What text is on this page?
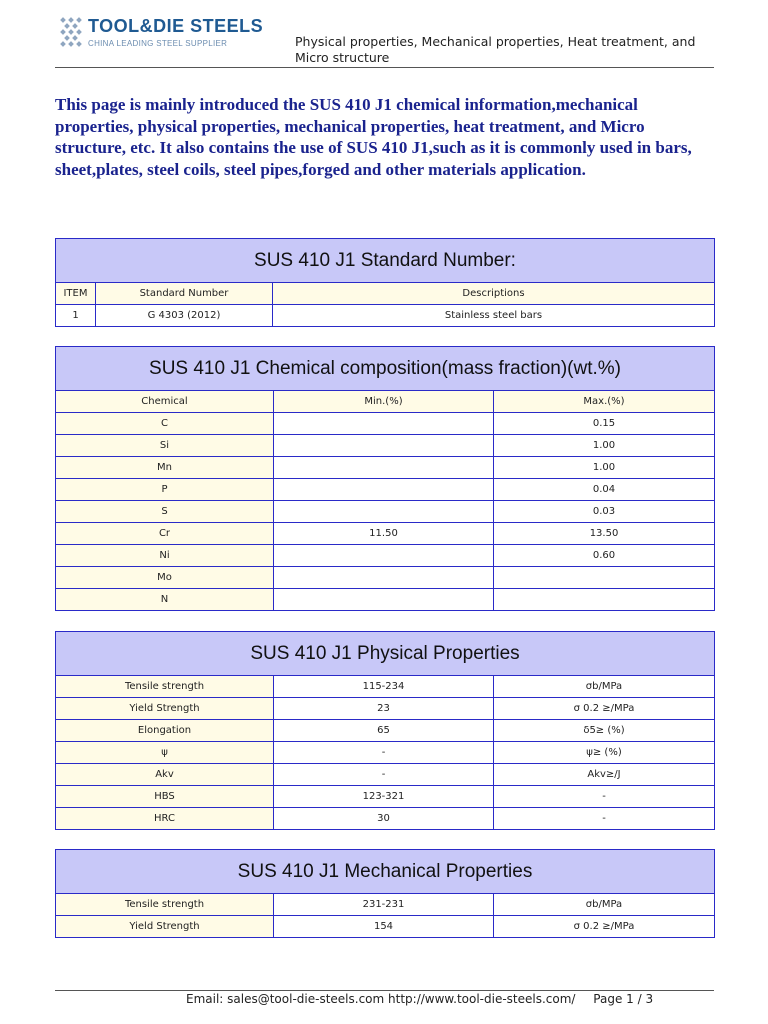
TOOL&DIE STEELS
CHINA LEADING STEEL SUPPLIER	Physical properties, Mechanical properties, Heat treatment, and Micro structure
This page is mainly introduced the SUS 410 J1 chemical information,mechanical properties, physical properties, mechanical properties, heat treatment, and Micro structure, etc. It also contains the use of SUS 410 J1,such as it is commonly used in bars, sheet,plates, steel coils, steel pipes,forged and other materials application.
SUS 410 J1 Standard Number:		
ITEM	Standard Number	Descriptions
1	G 4303 (2012)	Stainless steel bars
SUS 410 J1 Chemical composition(mass fraction)(wt.%)		
Chemical	Min.(%)	Max.(%)
C		0.15
Si		1.00
Mn		1.00
P		0.04
S		0.03
Cr	11.50	13.50
Ni		0.60
Mo		
N		
SUS 410 J1 Physical Properties		
Tensile strength	115-234	σb/MPa
Yield Strength	23	σ 0.2 ≥/MPa
Elongation	65	δ5≥ (%)
ψ	-	ψ≥ (%)
Akv	-	Akv≥/J
HBS	123-321	-
HRC	30	-
SUS 410 J1 Mechanical Properties		
Tensile strength	231-231	σb/MPa
Yield Strength	154	σ 0.2 ≥/MPa
Email: sales@tool-die-steels.com http://www.tool-die-steels.com/ Page 1 / 3
